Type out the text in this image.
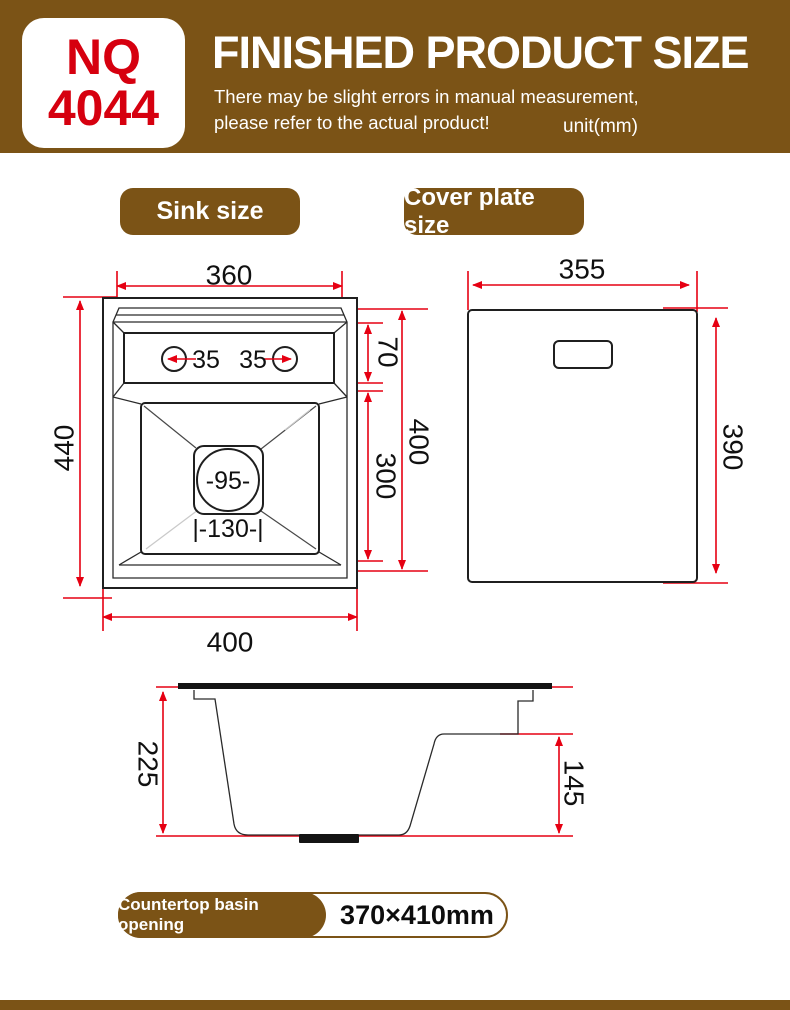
NQ
4044
FINISHED PRODUCT SIZE
There may be slight errors in manual measurement,
please refer to the actual product!	unit(mm)
Sink size	Cover plate size
360
440
400
70
300
400
35 35
-95-
|-130-|
355
390
225	145
Countertop basin opening	370×410mm
